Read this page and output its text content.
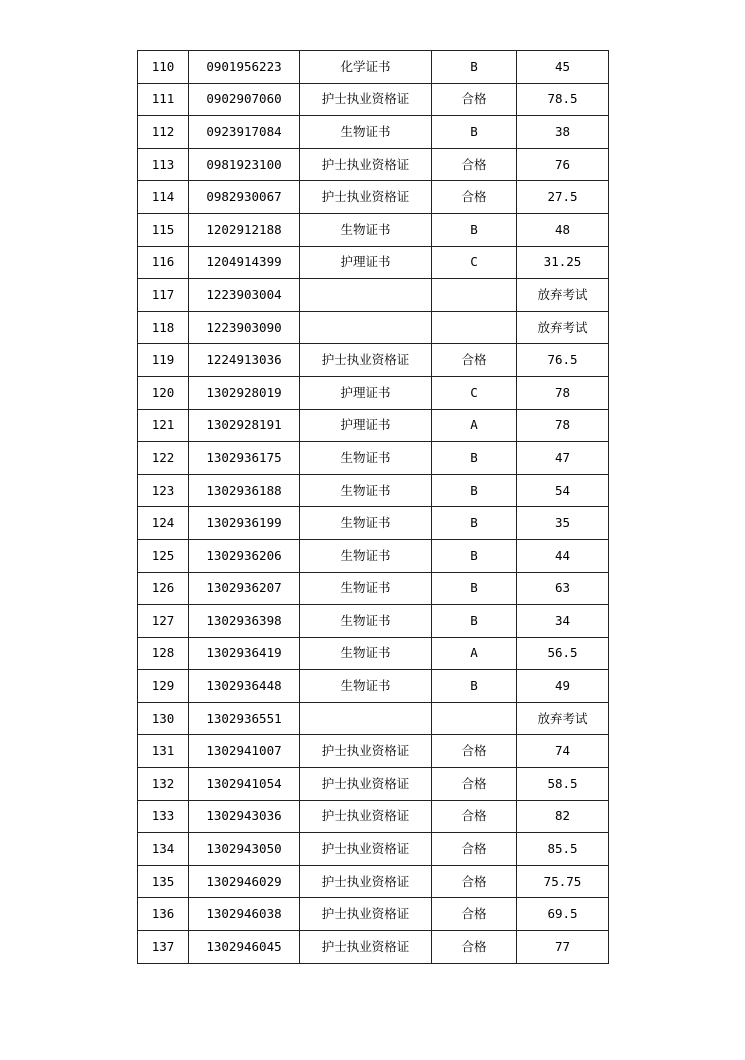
110	0901956223	化学证书	B	45
111	0902907060	护士执业资格证	合格	78.5
112	0923917084	生物证书	B	38
113	0981923100	护士执业资格证	合格	76
114	0982930067	护士执业资格证	合格	27.5
115	1202912188	生物证书	B	48
116	1204914399	护理证书	C	31.25
117	1223903004			放弃考试
118	1223903090			放弃考试
119	1224913036	护士执业资格证	合格	76.5
120	1302928019	护理证书	C	78
121	1302928191	护理证书	A	78
122	1302936175	生物证书	B	47
123	1302936188	生物证书	B	54
124	1302936199	生物证书	B	35
125	1302936206	生物证书	B	44
126	1302936207	生物证书	B	63
127	1302936398	生物证书	B	34
128	1302936419	生物证书	A	56.5
129	1302936448	生物证书	B	49
130	1302936551			放弃考试
131	1302941007	护士执业资格证	合格	74
132	1302941054	护士执业资格证	合格	58.5
133	1302943036	护士执业资格证	合格	82
134	1302943050	护士执业资格证	合格	85.5
135	1302946029	护士执业资格证	合格	75.75
136	1302946038	护士执业资格证	合格	69.5
137	1302946045	护士执业资格证	合格	77
